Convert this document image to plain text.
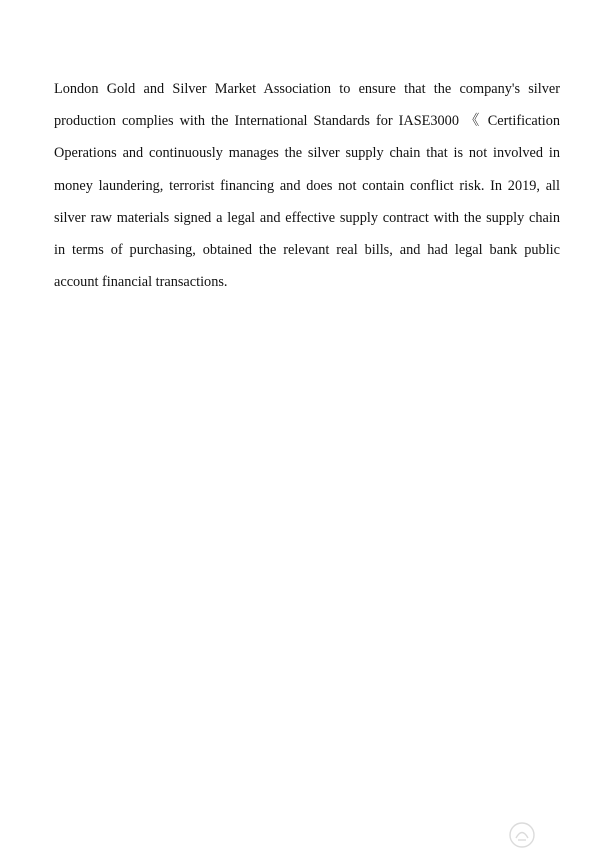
London Gold and Silver Market Association to ensure that the company's silver
production complies with the International Standards for IASE3000 《 Certification
Operations and continuously manages the silver supply chain that is not involved in
money laundering, terrorist financing and does not contain conflict risk. In 2019, all
silver raw materials signed a legal and effective supply contract with the supply chain
in terms of purchasing, obtained the relevant real bills, and had legal bank public
account financial transactions.
